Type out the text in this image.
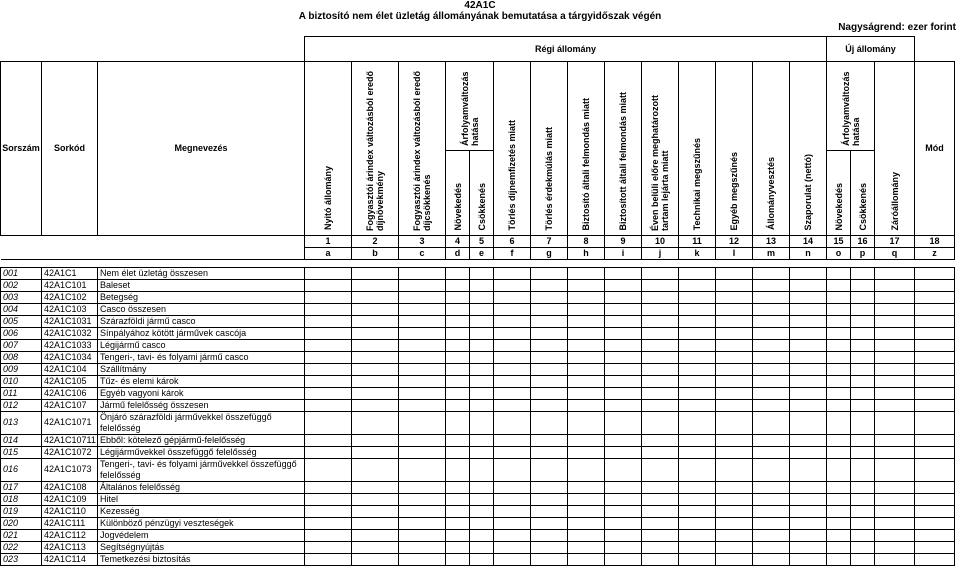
42A1C
A biztosító nem élet üzletág állományának bemutatása a tárgyidőszak végén
Nagyságrend: ezer forint
			Régi állomány														Új állomány			
Sorszám	Sorkód	Megnevezés	Nyitó állomány	Fogyasztói árindex változásból eredő díjnövekmény	Fogyasztói árindex változásból eredő díjcsökkenés	Árfolyamváltozás hatása		Törlés díjnemfizetés miatt	Törlés érdekmúlás miatt	Biztosító általi felmondás miatt	Biztosított általi felmondás miatt	Éven belüli előre meghatározott tartam lejárta miatt	Technikai megszűnés	Egyéb megszűnés	Állományvesztés	Szaporulat (nettó)	Árfolyamváltozás hatása		Záróállomány	Mód

						Növekedés	Csökkenés										Növekedés	Csökkenés		

			1	2	3	4	5	6	7	8	9	10	11	12	13	14	15	16	17	18
			a	b	c	d	e	f	g	h	i	j	k	l	m	n	o	p	q	z

001	42A1C1	Nem élet üzletág összesen																		
002	42A1C101	Baleset																		
003	42A1C102	Betegség																		
004	42A1C103	Casco összesen																		
005	42A1C1031	Szárazföldi jármű casco																		
006	42A1C1032	Sínpályához kötött járművek cascója																		
007	42A1C1033	Légijármű casco																		
008	42A1C1034	Tengeri-, tavi- és folyami jármű casco																		
009	42A1C104	Szállítmány																		
010	42A1C105	Tűz- és elemi károk																		
011	42A1C106	Egyéb vagyoni károk																		
012	42A1C107	Jármű felelősség összesen																		
013	42A1C1071	Önjáró szárazföldi járművekkel összefüggő felelősség																		
014	42A1C10711	Ebből: kötelező gépjármű-felelősség																		
015	42A1C1072	Légijárművekkel összefüggő felelősség																		
016	42A1C1073	Tengeri-, tavi- és folyami járművekkel összefüggő felelősség																		
017	42A1C108	Általános felelősség																		
018	42A1C109	Hitel																		
019	42A1C110	Kezesség																		
020	42A1C111	Különböző pénzügyi veszteségek																		
021	42A1C112	Jogvédelem																		
022	42A1C113	Segítségnyújtás																		
023	42A1C114	Temetkezési biztosítás																		
